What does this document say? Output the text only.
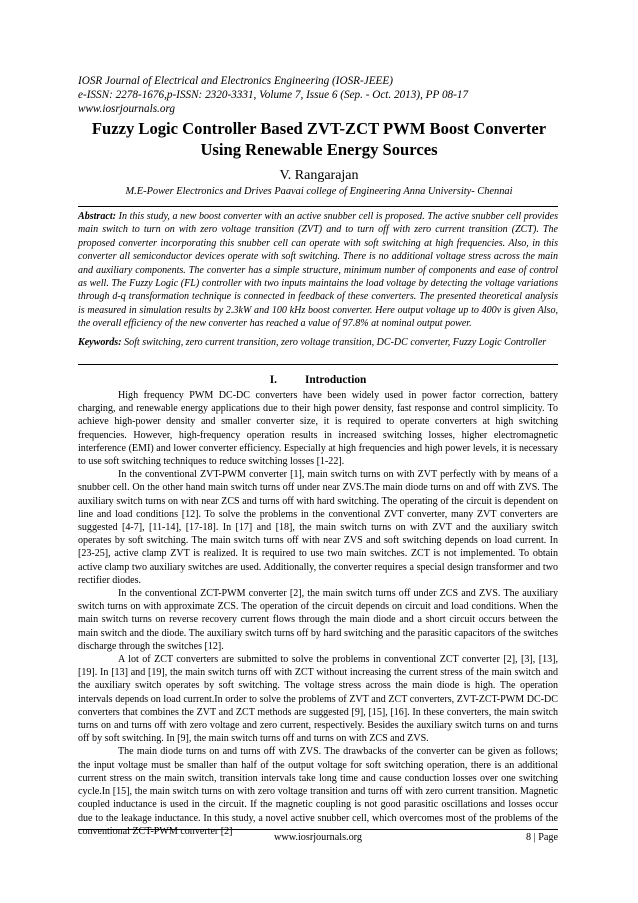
IOSR Journal of Electrical and Electronics Engineering (IOSR-JEEE)
e-ISSN: 2278-1676,p-ISSN: 2320-3331, Volume 7, Issue 6 (Sep. - Oct. 2013), PP 08-17
www.iosrjournals.org
Fuzzy Logic Controller Based ZVT-ZCT PWM Boost Converter
Using Renewable Energy Sources
V. Rangarajan
M.E-Power Electronics and Drives Paavai college of Engineering Anna University- Chennai
Abstract: In this study, a new boost converter with an active snubber cell is proposed. The active snubber cell provides main switch to turn on with zero voltage transition (ZVT) and to turn off with zero current transition (ZCT). The proposed converter incorporating this snubber cell can operate with soft switching at high frequencies. Also, in this converter all semiconductor devices operate with soft switching. There is no additional voltage stress across the main and auxiliary components. The converter has a simple structure, minimum number of components and ease of control as well. The Fuzzy Logic (FL) controller with two inputs maintains the load voltage by detecting the voltage variations through d-q transformation technique is connected in feedback of these converters. The presented theoretical analysis is measured in simulation results by 2.3kW and 100 kHz boost converter. Here output voltage up to 400v is given Also, the overall efficiency of the new converter has reached a value of 97.8% at nominal output power.
Keywords: Soft switching, zero current transition, zero voltage transition, DC-DC converter, Fuzzy Logic Controller
I. Introduction

High frequency PWM DC-DC converters have been widely used in power factor correction, battery charging, and renewable energy applications due to their high power density, fast response and control simplicity. To achieve high-power density and smaller converter size, it is required to operate converters at high switching frequencies. However, high-frequency operation results in increased switching losses, higher electromagnetic interference (EMI) and lower converter efficiency. Especially at high frequencies and high power levels, it is necessary to use soft switching techniques to reduce switching losses [1-22].

In the conventional ZVT-PWM converter [1], main switch turns on with ZVT perfectly with by means of a snubber cell. On the other hand main switch turns off under near ZVS.The main diode turns on and off with ZVS. The auxiliary switch turns on with near ZCS and turns off with hard switching. The operating of the circuit is dependent on line and load conditions [12]. To solve the problems in the conventional ZVT converter, many ZVT converters are suggested [4-7], [11-14], [17-18]. In [17] and [18], the main switch turns on with ZVT and the auxiliary switch operates by soft switching. The main switch turns off with near ZVS and soft switching depends on load current. In [23-25], active clamp ZVT is realized. It is required to use two main switches. ZCT is not implemented. To obtain active clamp two auxiliary switches are used. Additionally, the converter requires a special design transformer and two rectifier diodes.

In the conventional ZCT-PWM converter [2], the main switch turns off under ZCS and ZVS. The auxiliary switch turns on with approximate ZCS. The operation of the circuit depends on circuit and load conditions. When the main switch turns on reverse recovery current flows through the main diode and a short circuit occurs between the main switch and the diode. The auxiliary switch turns off by hard switching and the parasitic capacitors of the switches discharge through the switches [12].

A lot of ZCT converters are submitted to solve the problems in conventional ZCT converter [2], [3], [13], [19]. In [13] and [19], the main switch turns off with ZCT without increasing the current stress of the main switch and the auxiliary switch operates by soft switching. The voltage stress across the main diode is high. The operation intervals depends on load current.In order to solve the problems of ZVT and ZCT converters, ZVT-ZCT-PWM DC-DC converters that combines the ZVT and ZCT methods are suggested [9], [15], [16]. In these converters, the main switch turns on and turns off with zero voltage and zero current, respectively. Besides the auxiliary switch turns on and turns off by soft switching. In [9], the main switch turns off and turns on with ZCS and ZVS.

The main diode turns on and turns off with ZVS. The drawbacks of the converter can be given as follows; the input voltage must be smaller than half of the output voltage for soft switching operation, there is an additional current stress on the main switch, transition intervals take long time and cause conduction losses over one switching cycle.In [15], the main switch turns on with zero voltage transition and turns off with zero current transition. Magnetic coupled inductance is used in the circuit. If the magnetic coupling is not good parasitic oscillations and losses occur due to the leakage inductance. In this study, a novel active snubber cell, which overcomes most of the problems of the conventional ZCT-PWM converter [2]

www.iosrjournals.org	8 | Page
